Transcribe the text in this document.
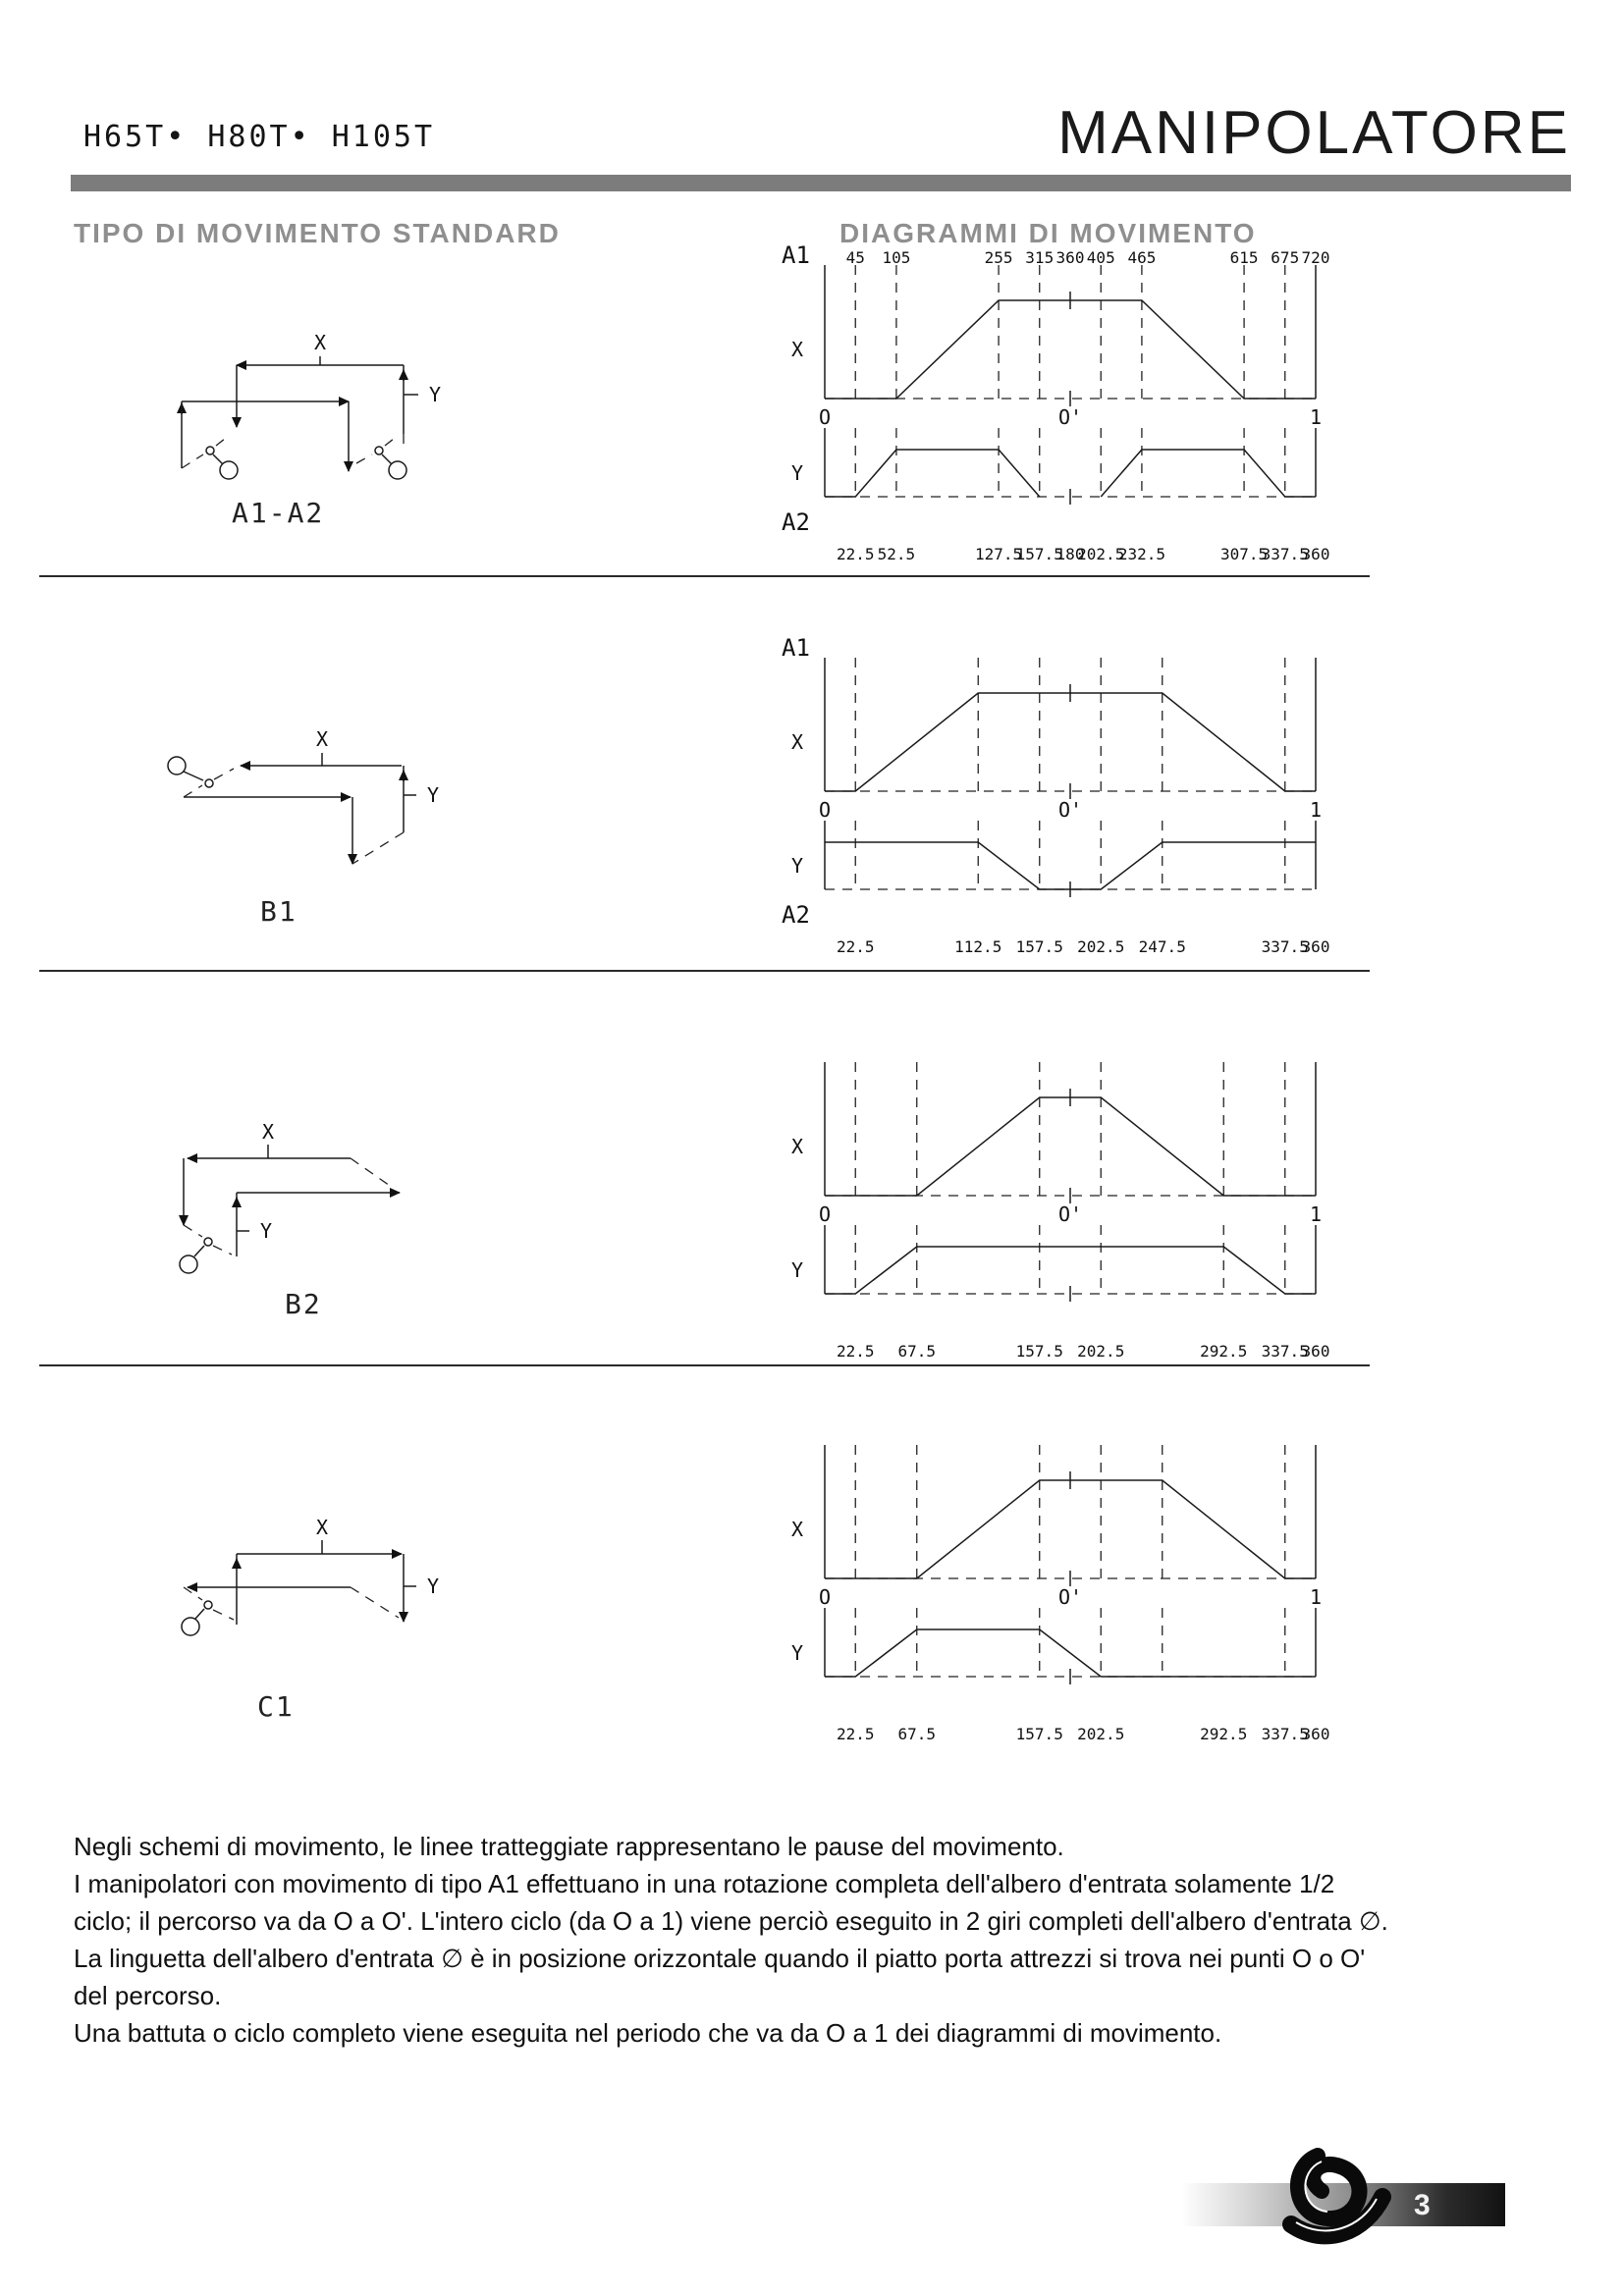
H65T• H80T• H105T	MANIPOLATORE
TIPO DI MOVIMENTO STANDARD	DIAGRAMMI DI MOVIMENTO
X
Y
A1-A2
X
Y
B1
X
Y
B2
X
Y
C1
X
Y
O	O'	1
A1 45 105	255 315 360 405 465	615 675 720
A2
22.5 52.5	127.5
157.5
180
202.5
232.5	307.5
337.5
360
X
Y
O	O'	1
A1
A2
22.5	112.5 157.5 202.5 247.5	337.5
360
X
Y
O	O'	1
22.5 67.5	157.5 202.5	292.5 337.5
360
X
Y
O	O'	1
22.5 67.5	157.5 202.5	292.5 337.5
360
Negli schemi di movimento, le linee tratteggiate rappresentano le pause del movimento.
I manipolatori con movimento di tipo A1 effettuano in una rotazione completa dell'albero d'entrata solamente 1/2
ciclo; il percorso va da O a O'. L'intero ciclo (da O a 1) viene perciò eseguito in 2 giri completi dell'albero d'entrata ∅.
La linguetta dell'albero d'entrata ∅ è in posizione orizzontale quando il piatto porta attrezzi si trova nei punti O o O'
del percorso.
Una battuta o ciclo completo viene eseguita nel periodo che va da O a 1 dei diagrammi di movimento.
3
